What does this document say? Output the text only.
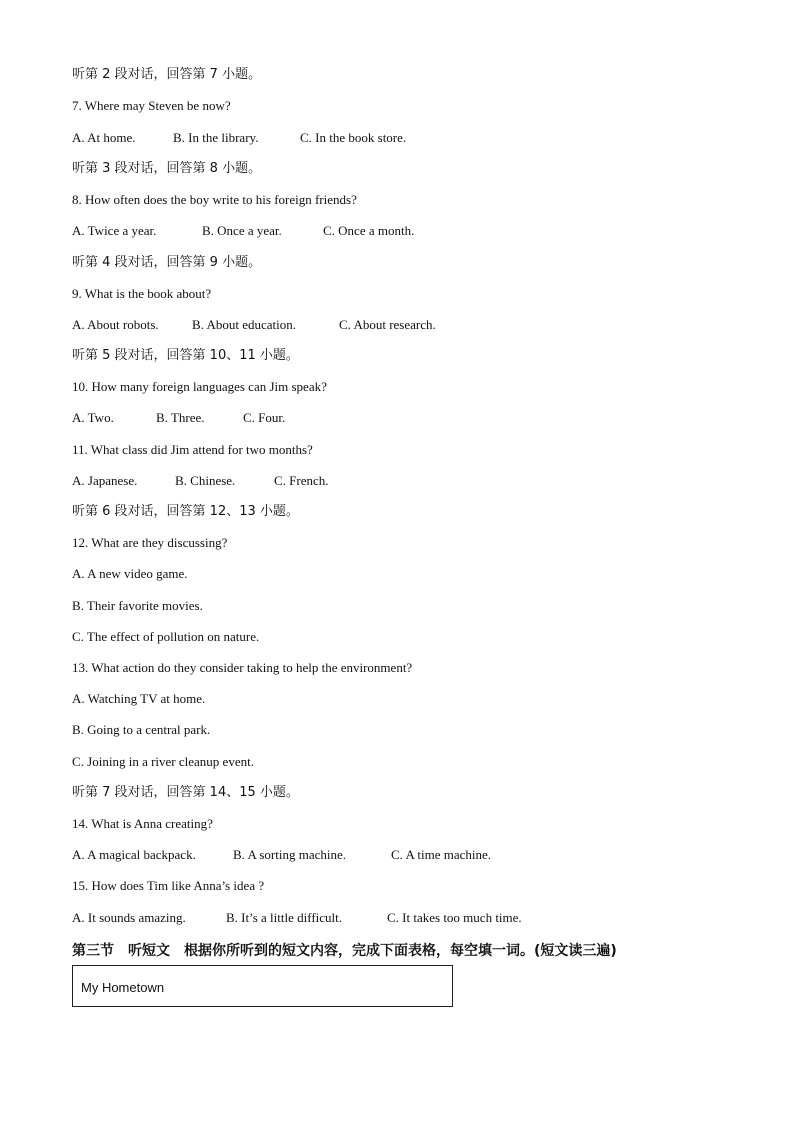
听第 2 段对话，回答第 7 小题。
7. Where may Steven be now?
A. At home.	B. In the library.	C. In the book store.
听第 3 段对话，回答第 8 小题。
8. How often does the boy write to his foreign friends?
A. Twice a year.	B. Once a year.	C. Once a month.
听第 4 段对话，回答第 9 小题。
9. What is the book about?
A. About robots.	B. About education.	C. About research.
听第 5 段对话，回答第 10、11 小题。
10. How many foreign languages can Jim speak?
A. Two.	B. Three.	C. Four.
11. What class did Jim attend for two months?
A. Japanese.	B. Chinese.	C. French.
听第 6 段对话，回答第 12、13 小题。
12. What are they discussing?
A. A new video game.
B. Their favorite movies.
C. The effect of pollution on nature.
13. What action do they consider taking to help the environment?
A. Watching TV at home.
B. Going to a central park.
C. Joining in a river cleanup event.
听第 7 段对话，回答第 14、15 小题。
14. What is Anna creating?
A. A magical backpack.	B. A sorting machine.	C. A time machine.
15. How does Tim like Anna’s idea ?
A. It sounds amazing.	B. It’s a little difficult.	C. It takes too much time.
第三节　听短文　根据你所听到的短文内容，完成下面表格，每空填一词。(短文读三遍)
My Hometown
